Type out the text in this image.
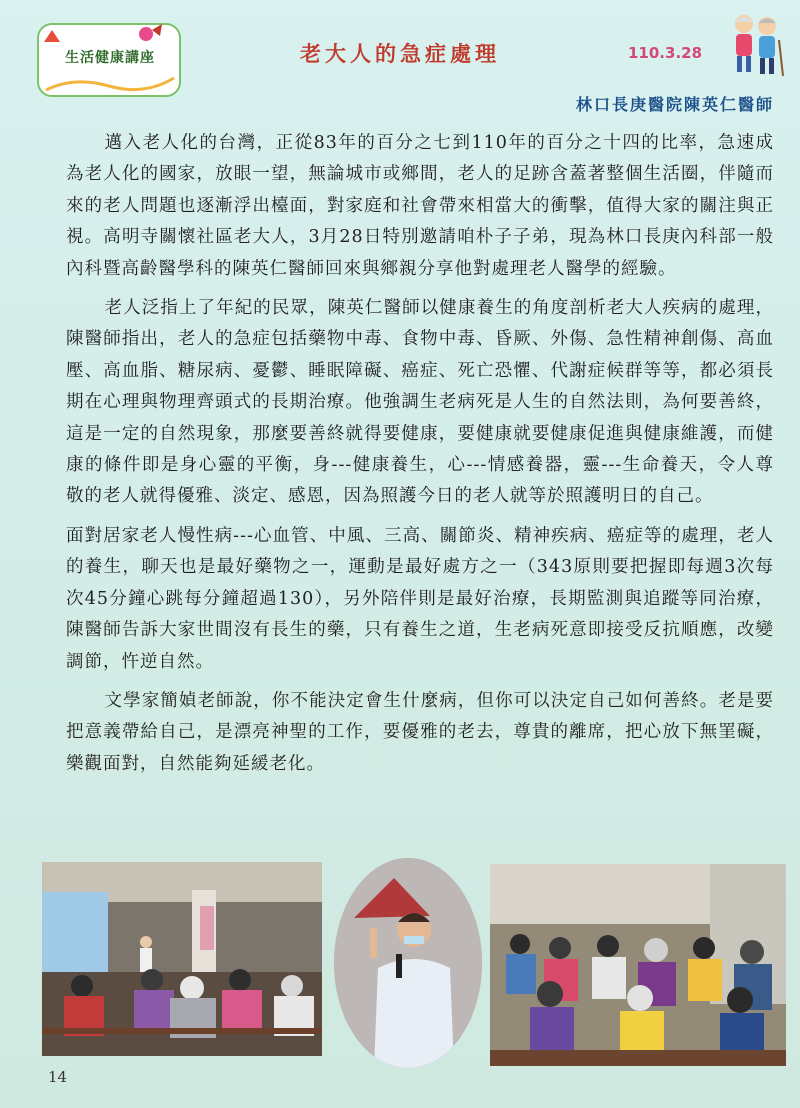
生活健康講座	老大人的急症處理	110.3.28
林口長庚醫院陳英仁醫師

邁入老人化的台灣，正從83年的百分之七到110年的百分之十四的比率，急速成為老人化的國家，放眼一望，無論城市或鄉間，老人的足跡含蓋著整個生活圈，伴隨而來的老人問題也逐漸浮出檯面，對家庭和社會帶來相當大的衝擊，值得大家的關注與正視。高明寺關懷社區老大人，3月28日特別邀請咱朴子子弟，現為林口長庚內科部一般內科暨高齡醫學科的陳英仁醫師回來與鄉親分享他對處理老人醫學的經驗。

老人泛指上了年紀的民眾，陳英仁醫師以健康養生的角度剖析老大人疾病的處理，陳醫師指出，老人的急症包括藥物中毒、食物中毒、昏厥、外傷、急性精神創傷、高血壓、高血脂、糖尿病、憂鬱、睡眠障礙、癌症、死亡恐懼、代謝症候群等等，都必須長期在心理與物理齊頭式的長期治療。他強調生老病死是人生的自然法則，為何要善終，這是一定的自然現象，那麼要善終就得要健康，要健康就要健康促進與健康維護，而健康的條件即是身心靈的平衡，身---健康養生，心---情感養器，靈---生命養天，令人尊敬的老人就得優雅、淡定、感恩，因為照護今日的老人就等於照護明日的自己。

面對居家老人慢性病---心血管、中風、三高、關節炎、精神疾病、癌症等的處理，老人的養生，聊天也是最好藥物之一，運動是最好處方之一（343原則要把握即每週3次每次45分鐘心跳每分鐘超過130），另外陪伴則是最好治療，長期監測與追蹤等同治療，陳醫師告訴大家世間沒有長生的藥，只有養生之道，生老病死意即接受反抗順應，改變調節，忤逆自然。

文學家簡媜老師說，你不能決定會生什麼病，但你可以決定自己如何善終。老是要把意義帶給自己，是漂亮神聖的工作，要優雅的老去，尊貴的離席，把心放下無罣礙，樂觀面對，自然能夠延緩老化。

14
